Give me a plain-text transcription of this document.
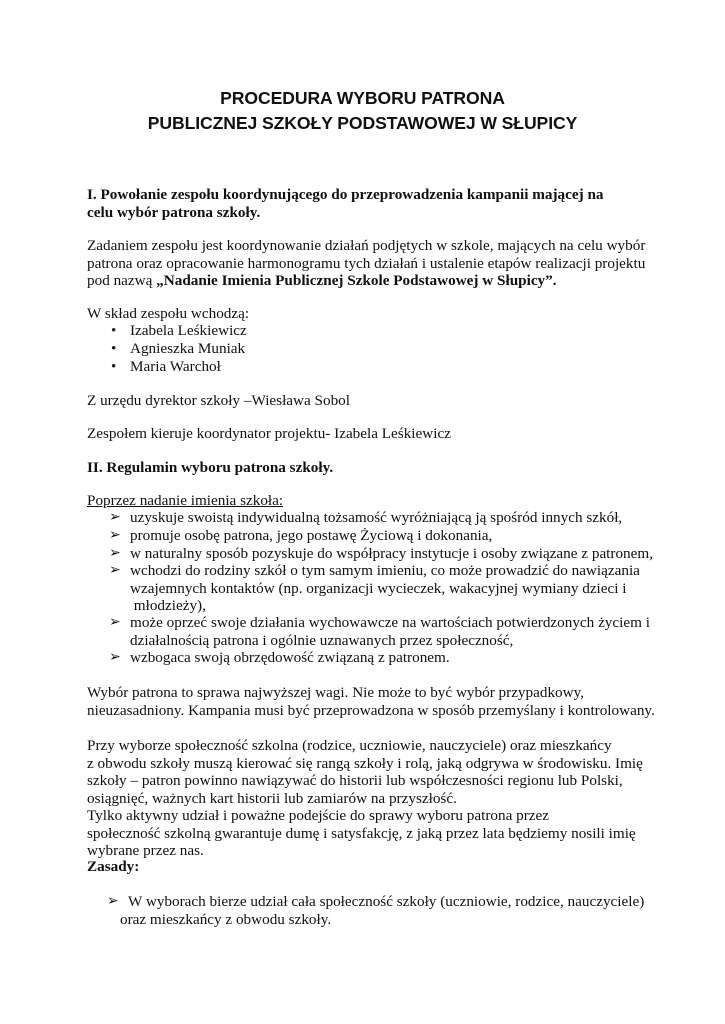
PROCEDURA WYBORU PATRONA
PUBLICZNEJ SZKOŁY PODSTAWOWEJ W SŁUPICY
I. Powołanie zespołu koordynującego do przeprowadzenia kampanii mającej na
celu wybór patrona szkoły.
Zadaniem zespołu jest koordynowanie działań podjętych w szkole, mających na celu wybór
patrona oraz opracowanie harmonogramu tych działań i ustalenie etapów realizacji projektu
pod nazwą „Nadanie Imienia Publicznej Szkole Podstawowej w Słupicy”.
W skład zespołu wchodzą:
• Izabela Leśkiewicz
• Agnieszka Muniak
• Maria Warchoł
Z urzędu dyrektor szkoły –Wiesława Sobol
Zespołem kieruje koordynator projektu- Izabela Leśkiewicz
II. Regulamin wyboru patrona szkoły.
Poprzez nadanie imienia szkoła:
➢ uzyskuje swoistą indywidualną tożsamość wyróżniającą ją spośród innych szkół,
➢ promuje osobę patrona, jego postawę Życiową i dokonania,
➢ w naturalny sposób pozyskuje do współpracy instytucje i osoby związane z patronem,
➢ wchodzi do rodziny szkół o tym samym imieniu, co może prowadzić do nawiązania
wzajemnych kontaktów (np. organizacji wycieczek, wakacyjnej wymiany dzieci i
młodzieży),
➢ może oprzeć swoje działania wychowawcze na wartościach potwierdzonych życiem i
działalnością patrona i ogólnie uznawanych przez społeczność,
➢ wzbogaca swoją obrzędowość związaną z patronem.
Wybór patrona to sprawa najwyższej wagi. Nie może to być wybór przypadkowy,
nieuzasadniony. Kampania musi być przeprowadzona w sposób przemyślany i kontrolowany.
Przy wyborze społeczność szkolna (rodzice, uczniowie, nauczyciele) oraz mieszkańcy
z obwodu szkoły muszą kierować się rangą szkoły i rolą, jaką odgrywa w środowisku. Imię
szkoły – patron powinno nawiązywać do historii lub współczesności regionu lub Polski,
osiągnięć, ważnych kart historii lub zamiarów na przyszłość.
Tylko aktywny udział i poważne podejście do sprawy wyboru patrona przez
społeczność szkolną gwarantuje dumę i satysfakcję, z jaką przez lata będziemy nosili imię
wybrane przez nas.
Zasady:
➢ W wyborach bierze udział cała społeczność szkoły (uczniowie, rodzice, nauczyciele)
oraz mieszkańcy z obwodu szkoły.
